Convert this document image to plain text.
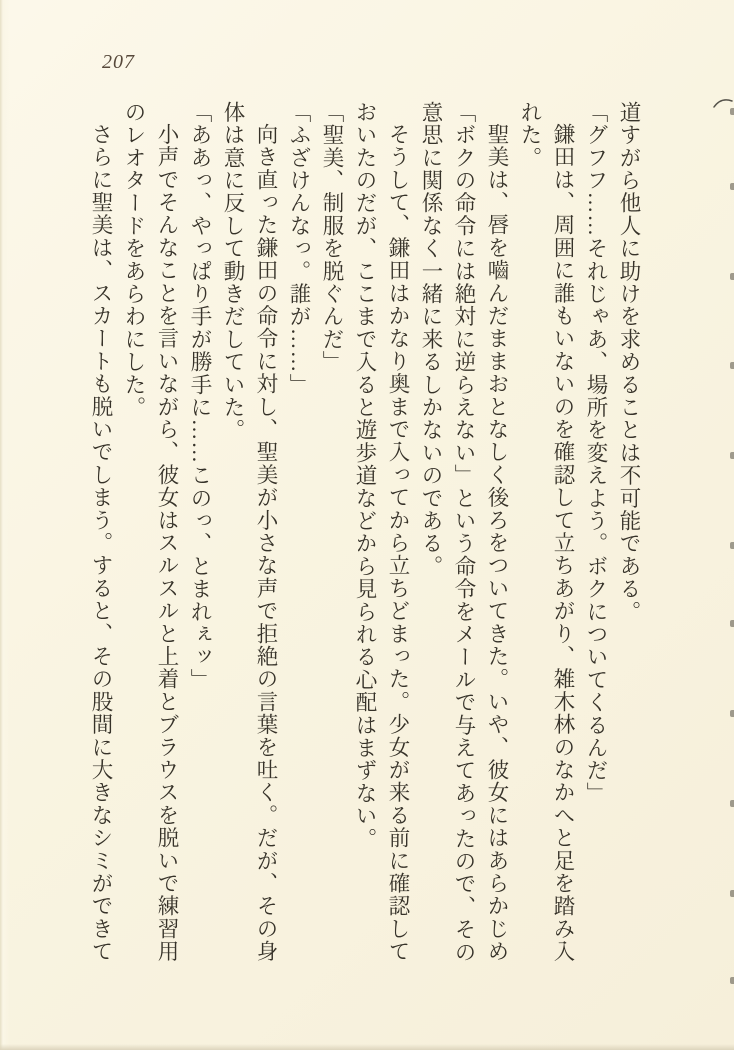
207

道すがら他人に助けを求めることは不可能である。

「グフフ……それじゃあ、場所を変えよう。ボクについてくるんだ」

鎌田は、周囲に誰もいないのを確認して立ちあがり、雑木林のなかへと足を踏み入

れた。

聖美は、唇を嚙んだままおとなしく後ろをついてきた。いや、彼女にはあらかじめ

「ボクの命令には絶対に逆らえない」という命令をメールで与えてあったので、その

意思に関係なく一緒に来るしかないのである。

そうして、鎌田はかなり奥まで入ってから立ちどまった。少女が来る前に確認して

おいたのだが、ここまで入ると遊歩道などから見られる心配はまずない。

「聖美、制服を脱ぐんだ」

「ふざけんなっ。誰が……」

向き直った鎌田の命令に対し、聖美が小さな声で拒絶の言葉を吐く。だが、その身

体は意に反して動きだしていた。

「ああっ、やっぱり手が勝手に……このっ、とまれぇッ」

小声でそんなことを言いながら、彼女はスルスルと上着とブラウスを脱いで練習用

のレオタードをあらわにした。

さらに聖美は、スカートも脱いでしまう。すると、その股間に大きなシミができて
